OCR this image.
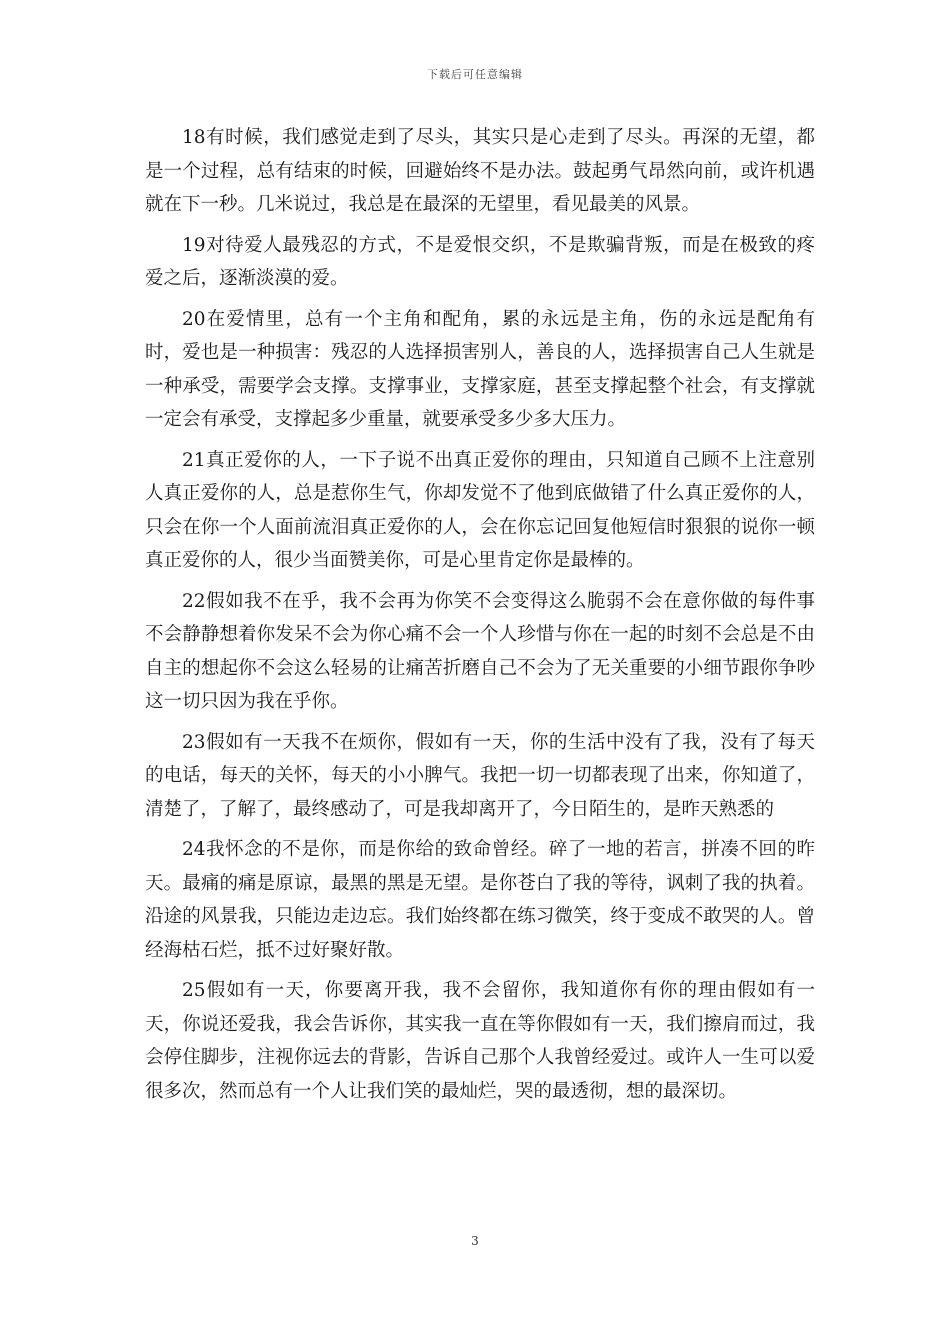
下载后可任意编辑

18有时候，我们感觉走到了尽头，其实只是心走到了尽头。再深的无望，都是一个过程，总有结束的时候，回避始终不是办法。鼓起勇气昂然向前，或许机遇就在下一秒。几米说过，我总是在最深的无望里，看见最美的风景。

19对待爱人最残忍的方式，不是爱恨交织，不是欺骗背叛，而是在极致的疼爱之后，逐渐淡漠的爱。

20在爱情里，总有一个主角和配角，累的永远是主角，伤的永远是配角有时，爱也是一种损害：残忍的人选择损害别人，善良的人，选择损害自己人生就是一种承受，需要学会支撑。支撑事业，支撑家庭，甚至支撑起整个社会，有支撑就一定会有承受，支撑起多少重量，就要承受多少多大压力。

21真正爱你的人，一下子说不出真正爱你的理由，只知道自己顾不上注意别人真正爱你的人，总是惹你生气，你却发觉不了他到底做错了什么真正爱你的人，只会在你一个人面前流泪真正爱你的人，会在你忘记回复他短信时狠狠的说你一顿真正爱你的人，很少当面赞美你，可是心里肯定你是最棒的。

22假如我不在乎，我不会再为你笑不会变得这么脆弱不会在意你做的每件事不会静静想着你发呆不会为你心痛不会一个人珍惜与你在一起的时刻不会总是不由自主的想起你不会这么轻易的让痛苦折磨自己不会为了无关重要的小细节跟你争吵这一切只因为我在乎你。

23假如有一天我不在烦你，假如有一天，你的生活中没有了我，没有了每天的电话，每天的关怀，每天的小小脾气。我把一切一切都表现了出来，你知道了，清楚了，了解了，最终感动了，可是我却离开了，今日陌生的，是昨天熟悉的

24我怀念的不是你，而是你给的致命曾经。碎了一地的若言，拼凑不回的昨天。最痛的痛是原谅，最黑的黑是无望。是你苍白了我的等待，讽刺了我的执着。沿途的风景我，只能边走边忘。我们始终都在练习微笑，终于变成不敢哭的人。曾经海枯石烂，抵不过好聚好散。

25假如有一天，你要离开我，我不会留你，我知道你有你的理由假如有一天，你说还爱我，我会告诉你，其实我一直在等你假如有一天，我们擦肩而过，我会停住脚步，注视你远去的背影，告诉自己那个人我曾经爱过。或许人一生可以爱很多次，然而总有一个人让我们笑的最灿烂，哭的最透彻，想的最深切。

3
